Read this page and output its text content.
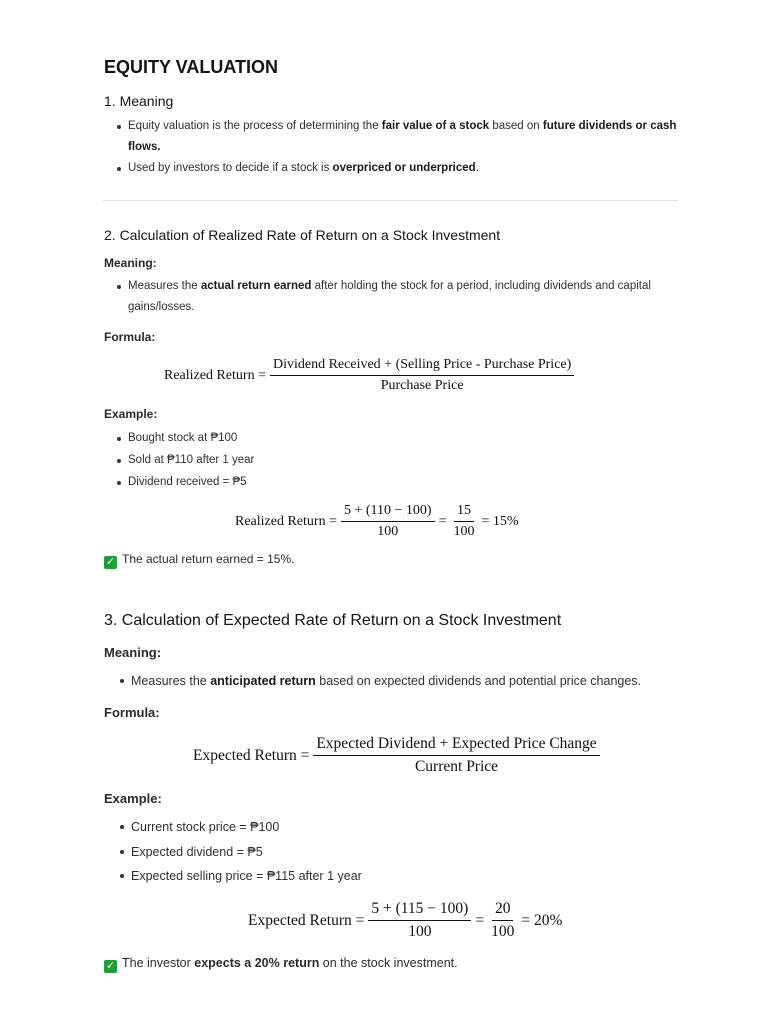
EQUITY VALUATION
1. Meaning
Equity valuation is the process of determining the fair value of a stock based on future dividends or cash flows.
Used by investors to decide if a stock is overpriced or underpriced.
2. Calculation of Realized Rate of Return on a Stock Investment
Meaning:
Measures the actual return earned after holding the stock for a period, including dividends and capital gains/losses.
Formula:
Realized Return = $\frac{\text{Dividend Received + (Selling Price - Purchase Price)}}{\text{Purchase Price}}$
Example:
Bought stock at ₱100
Sold at ₱110 after 1 year
Dividend received = ₱5
Realized Return = $\frac{5 + (110 - 100)}{100} = \frac{15}{100} = 15\%$
✓ The actual return earned = 15%.
3. Calculation of Expected Rate of Return on a Stock Investment
Meaning:
Measures the anticipated return based on expected dividends and potential price changes.
Formula:
Expected Return = $\frac{\text{Expected Dividend + Expected Price Change}}{\text{Current Price}}$
Example:
Current stock price = ₱100
Expected dividend = ₱5
Expected selling price = ₱115 after 1 year
Expected Return = $\frac{5 + (115 - 100)}{100} = \frac{20}{100} = 20\%$
✓ The investor expects a 20% return on the stock investment.
